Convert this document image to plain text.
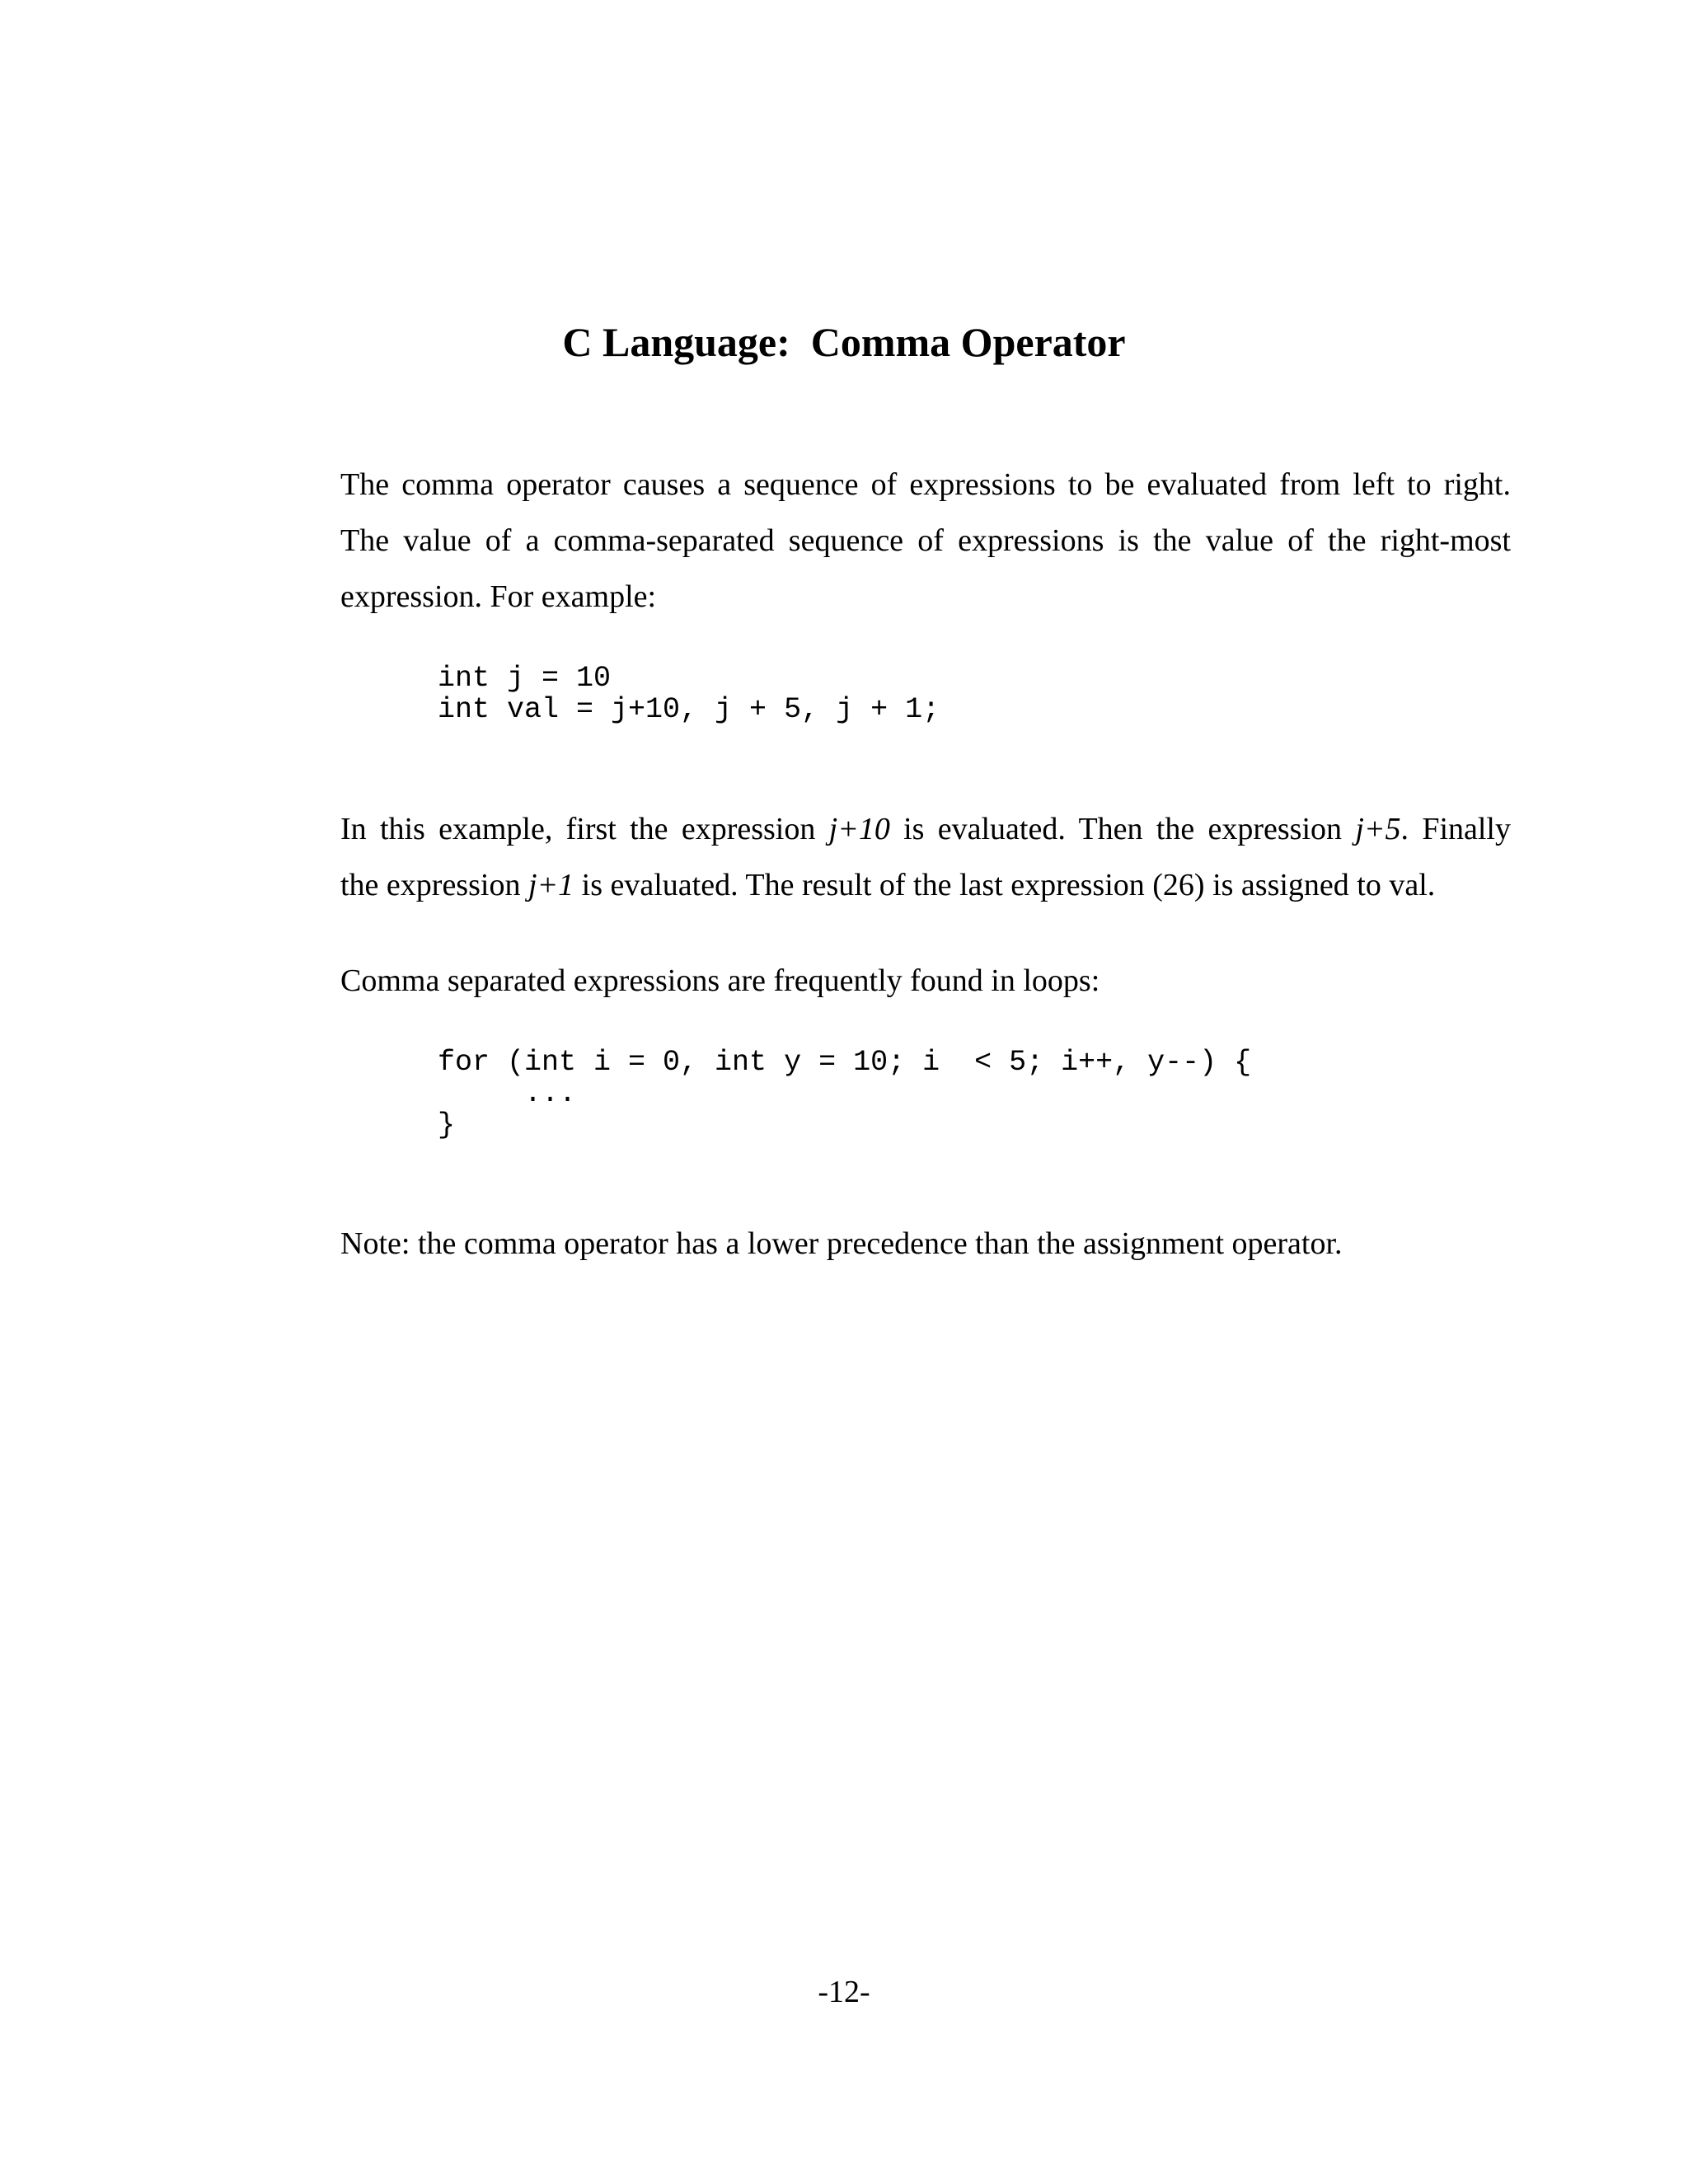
C Language:  Comma Operator

The comma operator causes a sequence of expressions to be evaluated from left to right.
The value of a comma-separated sequence of expressions is the value of the right-most
expression. For example:

int j = 10
int val = j+10, j + 5, j + 1;

In this example, first the expression j+10 is evaluated. Then the expression j+5. Finally
the expression j+1 is evaluated. The result of the last expression (26) is assigned to val.

Comma separated expressions are frequently found in loops:

for (int i = 0, int y = 10; i  < 5; i++, y--) {
...
}

Note: the comma operator has a lower precedence than the assignment operator.

-12-
